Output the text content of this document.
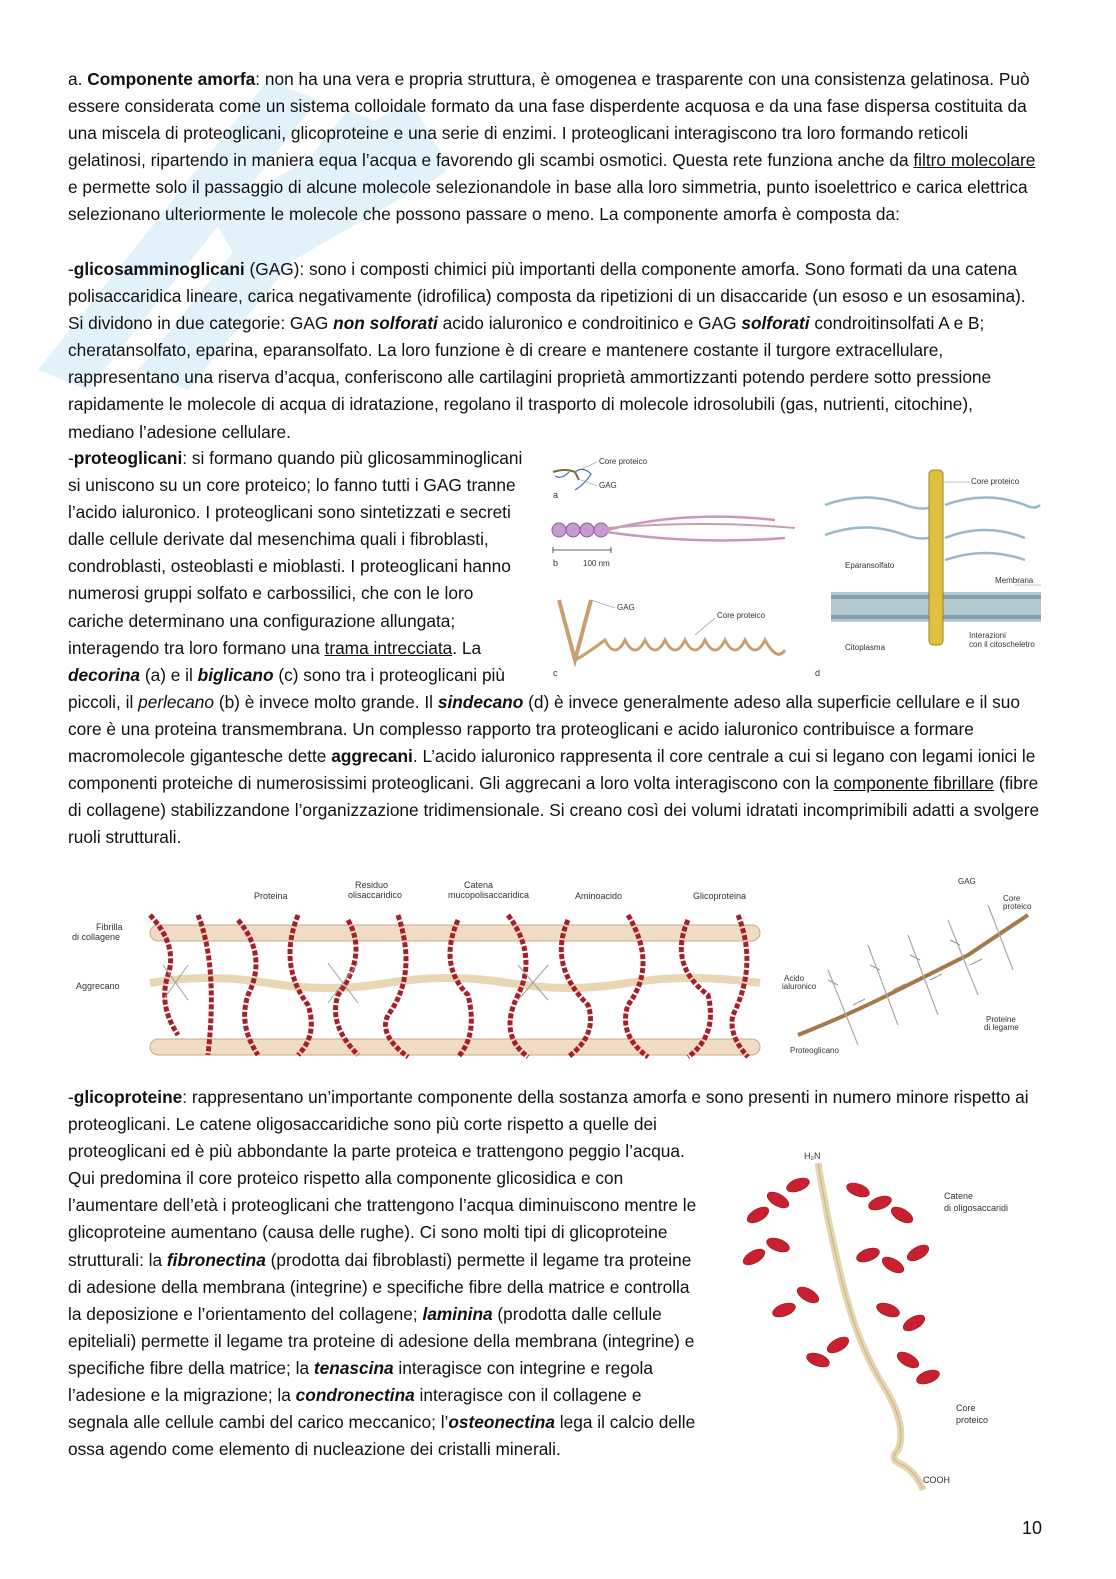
a. Componente amorfa: non ha una vera e propria struttura, è omogenea e trasparente con una consistenza gelatinosa. Può essere considerata come un sistema colloidale formato da una fase disperdente acquosa e da una fase dispersa costituita da una miscela di proteoglicani, glicoproteine e una serie di enzimi. I proteoglicani interagiscono tra loro formando reticoli gelatinosi, ripartendo in maniera equa l’acqua e favorendo gli scambi osmotici. Questa rete funziona anche da filtro molecolare e permette solo il passaggio di alcune molecole selezionandole in base alla loro simmetria, punto isoelettrico e carica elettrica selezionano ulteriormente le molecole che possono passare o meno. La componente amorfa è composta da:

-glicosamminoglicani (GAG): sono i composti chimici più importanti della componente amorfa. Sono formati da una catena polisaccaridica lineare, carica negativamente (idrofilica) composta da ripetizioni di un disaccaride (un esoso e un esosamina). Si dividono in due categorie: GAG non solforati acido ialuronico e condroitinico e GAG solforati condroitinsolfati A e B; cheratansolfato, eparina, eparansolfato. La loro funzione è di creare e mantenere costante il turgore extracellulare, rappresentano una riserva d’acqua, conferiscono alle cartilagini proprietà ammortizzanti potendo perdere sotto pressione rapidamente le molecole di acqua di idratazione, regolano il trasporto di molecole idrosolubili (gas, nutrienti, citochine), mediano l’adesione cellulare.

-proteoglicani: si formano quando più glicosamminoglicani si uniscono su un core proteico; lo fanno tutti i GAG tranne l’acido ialuronico. I proteoglicani sono sintetizzati e secreti dalle cellule derivate dal mesenchima quali i fibroblasti, condroblasti, osteoblasti e mioblasti. I proteoglicani hanno numerosi gruppi solfato e carbossilici, che con le loro cariche determinano una configurazione allungata; interagendo tra loro formano una trama intrecciata. La decorina (a) e il biglicano (c) sono tra i proteoglicani più piccoli, il perlecano (b) è invece molto grande. Il sindecano (d) è invece generalmente adeso alla superficie cellulare e il suo core è una proteina transmembrana. Un complesso rapporto tra proteoglicani e acido ialuronico contribuisce a formare macromolecole gigantesche dette aggrecani. L’acido ialuronico rappresenta il core centrale a cui si legano con legami ionici le componenti proteiche di numerosissimi proteoglicani. Gli aggrecani a loro volta interagiscono con la componente fibrillare (fibre di collagene) stabilizzandone l’organizzazione tridimensionale. Si creano così dei volumi idratati incomprimibili adatti a svolgere ruoli strutturali.

Core proteico
GAG
a
b	100 nm
GAG
Core proteico
c
Core proteico
Eparansolfato
Membrana
Citoplasma
Interazioni
con il citoscheletro
d
Proteina
Residuo
olisaccaridico
Catena
mucopolisaccaridica	Aminoacido	Glicoproteina
Fibrilla
di collagene
Aggrecano
GAG
Core
proteico
Acido
ialuronico
Proteine
di legame
Proteoglicano

-glicoproteine: rappresentano un’importante componente della sostanza amorfa e sono presenti in numero minore rispetto ai proteoglicani. Le catene oligosaccaridiche sono più corte rispetto a quelle dei proteoglicani ed è più abbondante la parte proteica e trattengono peggio l’acqua. Qui predomina il core proteico rispetto alla componente glicosidica e con l’aumentare dell’età i proteoglicani che trattengono l’acqua diminuiscono mentre le glicoproteine aumentano (causa delle rughe). Ci sono molti tipi di glicoproteine strutturali: la fibronectina (prodotta dai fibroblasti) permette il legame tra proteine di adesione della membrana (integrine) e specifiche fibre della matrice e controlla la deposizione e l’orientamento del collagene; laminina (prodotta dalle cellule epiteliali) permette il legame tra proteine di adesione della membrana (integrine) e specifiche fibre della matrice; la tenascina interagisce con integrine e regola l’adesione e la migrazione; la condronectina interagisce con il collagene e segnala alle cellule cambi del carico meccanico; l’osteonectina lega il calcio delle ossa agendo come elemento di nucleazione dei cristalli minerali.

H₂N
Catene
di oligosaccaridi
Core
proteico
COOH
10
